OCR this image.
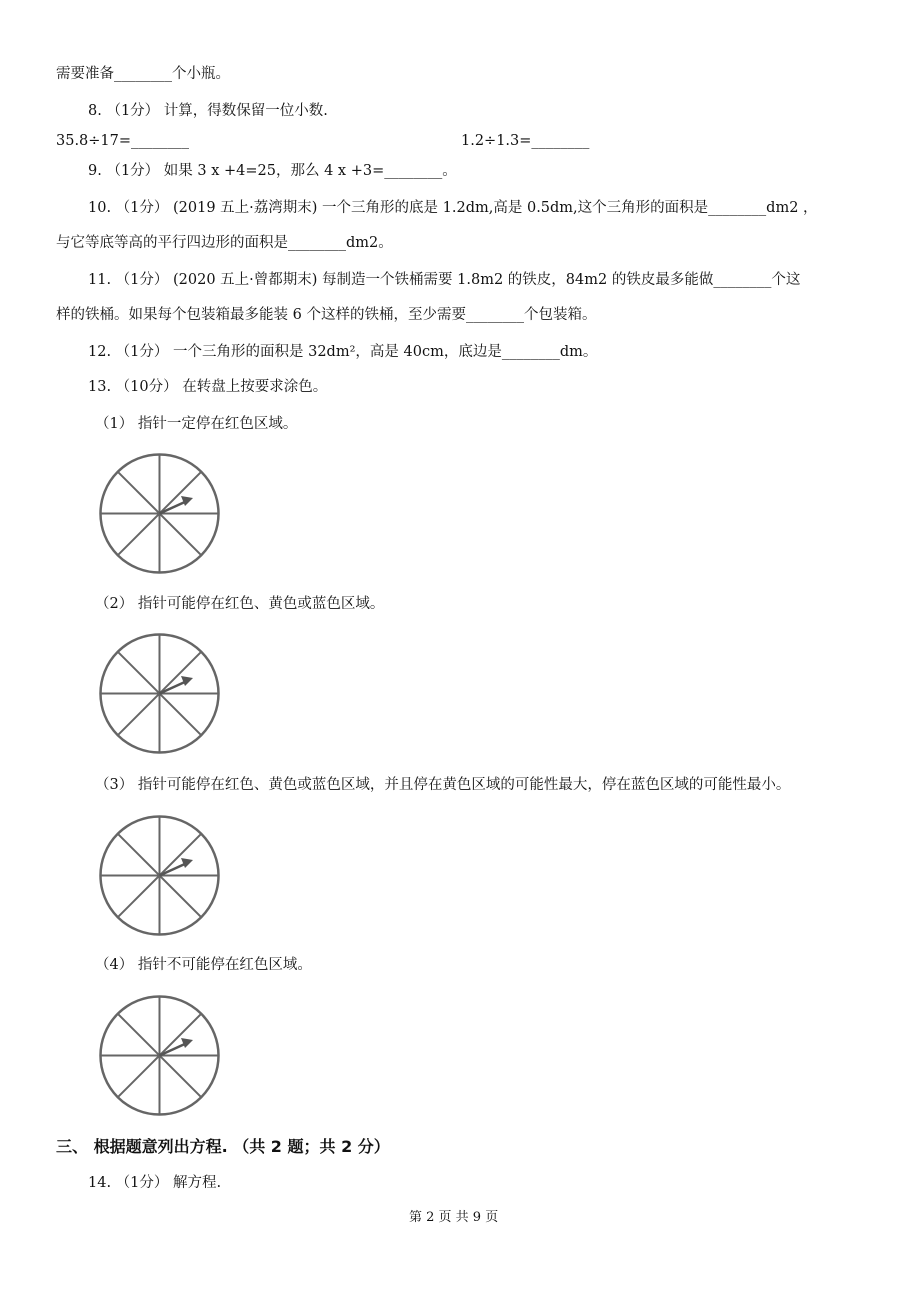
需要准备________个小瓶。
8. （1分） 计算，得数保留一位小数.
35.8÷17=________	1.2÷1.3=________
9. （1分） 如果 3 x +4=25，那么 4 x +3=________。
10. （1分） (2019 五上·荔湾期末) 一个三角形的底是 1.2dm,高是 0.5dm,这个三角形的面积是________dm2 ，
与它等底等高的平行四边形的面积是________dm2。
11. （1分） (2020 五上·曾都期末) 每制造一个铁桶需要 1.8m2 的铁皮，84m2 的铁皮最多能做________个这
样的铁桶。如果每个包装箱最多能装 6 个这样的铁桶，至少需要________个包装箱。
12. （1分） 一个三角形的面积是 32dm²，高是 40cm，底边是________dm。
13. （10分） 在转盘上按要求涂色。
（1） 指针一定停在红色区域。
（2） 指针可能停在红色、黄色或蓝色区域。
（3） 指针可能停在红色、黄色或蓝色区域，并且停在黄色区域的可能性最大，停在蓝色区域的可能性最小。
（4） 指针不可能停在红色区域。
三、 根据题意列出方程. （共 2 题；共 2 分）
14. （1分） 解方程.
第 2 页 共 9 页
